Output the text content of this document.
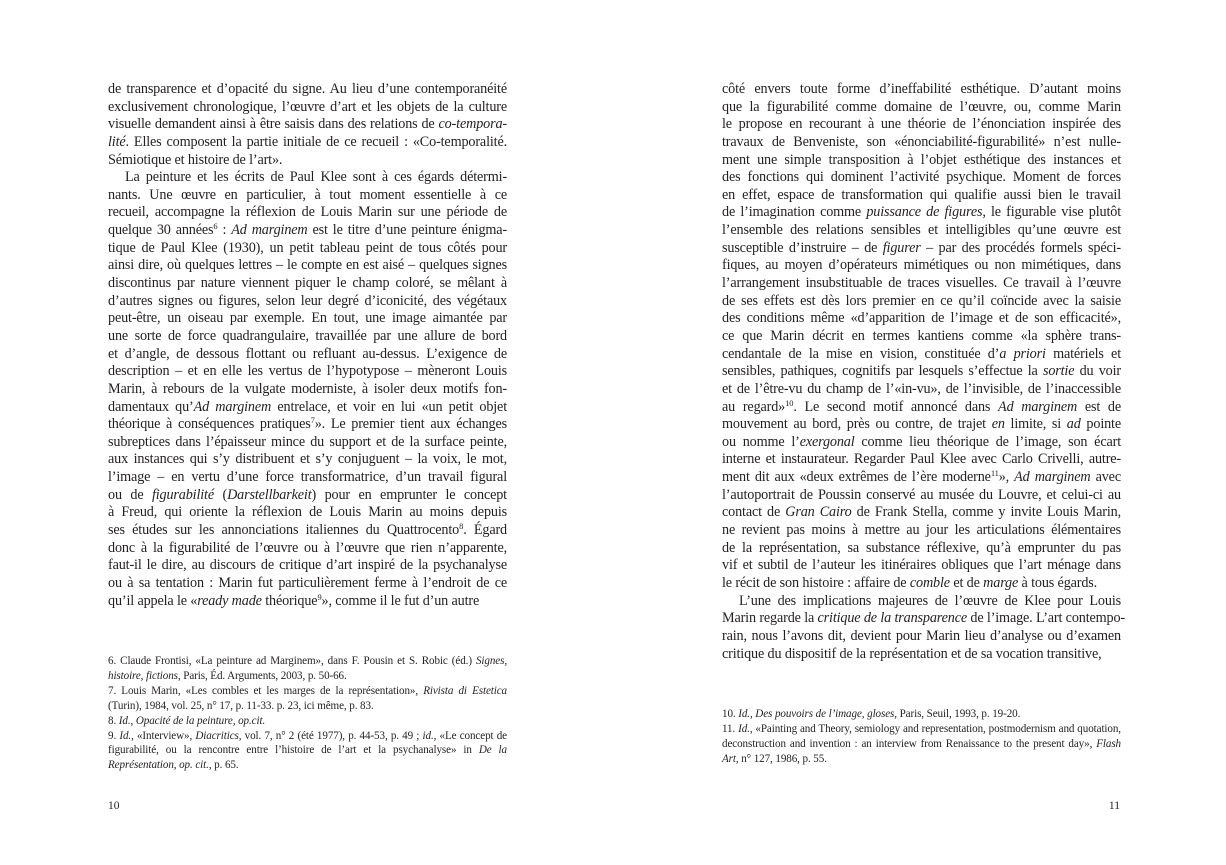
de transparence et d’opacité du signe. Au lieu d’une contemporanéité
exclusivement chronologique, l’œuvre d’art et les objets de la culture
visuelle demandent ainsi à être saisis dans des relations de co-tempora-
lité. Elles composent la partie initiale de ce recueil : «Co-temporalité.
Sémiotique et histoire de l’art».
La peinture et les écrits de Paul Klee sont à ces égards détermi-
nants. Une œuvre en particulier, à tout moment essentielle à ce
recueil, accompagne la réflexion de Louis Marin sur une période de
quelque 30 années$^6$ : Ad marginem est le titre d’une peinture énigma-
tique de Paul Klee (1930), un petit tableau peint de tous côtés pour
ainsi dire, où quelques lettres – le compte en est aisé – quelques signes
discontinus par nature viennent piquer le champ coloré, se mêlant à
d’autres signes ou figures, selon leur degré d’iconicité, des végétaux
peut-être, un oiseau par exemple. En tout, une image aimantée par
une sorte de force quadrangulaire, travaillée par une allure de bord
et d’angle, de dessous flottant ou refluant au-dessus. L’exigence de
description – et en elle les vertus de l’hypotypose – mèneront Louis
Marin, à rebours de la vulgate moderniste, à isoler deux motifs fon-
damentaux qu’Ad marginem entrelace, et voir en lui «un petit objet
théorique à conséquences pratiques$^7$». Le premier tient aux échanges
subreptices dans l’épaisseur mince du support et de la surface peinte,
aux instances qui s’y distribuent et s’y conjuguent – la voix, le mot,
l’image – en vertu d’une force transformatrice, d’un travail figural
ou de figurabilité (Darstellbarkeit) pour en emprunter le concept
à Freud, qui oriente la réflexion de Louis Marin au moins depuis
ses études sur les annonciations italiennes du Quattrocento$^8$. Égard
donc à la figurabilité de l’œuvre ou à l’œuvre que rien n’apparente,
faut-il le dire, au discours de critique d’art inspiré de la psychanalyse
ou à sa tentation : Marin fut particulièrement ferme à l’endroit de ce
qu’il appela le «ready made théorique$^9$», comme il le fut d’un autre
6. Claude Frontisi, «La peinture ad Marginem», dans F. Pousin et S. Robic (éd.) Signes, histoire, fictions, Paris, Éd. Arguments, 2003, p. 50-66.
7. Louis Marin, «Les combles et les marges de la représentation», Rivista di Estetica (Turin), 1984, vol. 25, n° 17, p. 11-33. p. 23, ici même, p. 83.
8. Id., Opacité de la peinture, op.cit.
9. Id., «Interview», Diacritics, vol. 7, n° 2 (été 1977), p. 44-53, p. 49 ; id., «Le concept de figurabilité, ou la rencontre entre l’histoire de l’art et la psychanalyse» in De la Représentation, op. cit., p. 65.
10
côté envers toute forme d’ineffabilité esthétique. D’autant moins
que la figurabilité comme domaine de l’œuvre, ou, comme Marin
le propose en recourant à une théorie de l’énonciation inspirée des
travaux de Benveniste, son «énonciabilité-figurabilité» n’est nulle-
ment une simple transposition à l’objet esthétique des instances et
des fonctions qui dominent l’activité psychique. Moment de forces
en effet, espace de transformation qui qualifie aussi bien le travail
de l’imagination comme puissance de figures, le figurable vise plutôt
l’ensemble des relations sensibles et intelligibles qu’une œuvre est
susceptible d’instruire – de figurer – par des procédés formels spéci-
fiques, au moyen d’opérateurs mimétiques ou non mimétiques, dans
l’arrangement insubstituable de traces visuelles. Ce travail à l’œuvre
de ses effets est dès lors premier en ce qu’il coïncide avec la saisie
des conditions même «d’apparition de l’image et de son efficacité»,
ce que Marin décrit en termes kantiens comme «la sphère trans-
cendantale de la mise en vision, constituée d’a priori matériels et
sensibles, pathiques, cognitifs par lesquels s’effectue la sortie du voir
et de l’être-vu du champ de l’«in-vu», de l’invisible, de l’inaccessible
au regard»$^{10}$. Le second motif annoncé dans Ad marginem est de
mouvement au bord, près ou contre, de trajet en limite, si ad pointe
ou nomme l’exergonal comme lieu théorique de l’image, son écart
interne et instaurateur. Regarder Paul Klee avec Carlo Crivelli, autre-
ment dit aux «deux extrêmes de l’ère moderne$^{11}$», Ad marginem avec
l’autoportrait de Poussin conservé au musée du Louvre, et celui-ci au
contact de Gran Cairo de Frank Stella, comme y invite Louis Marin,
ne revient pas moins à mettre au jour les articulations élémentaires
de la représentation, sa substance réflexive, qu’à emprunter du pas
vif et subtil de l’auteur les itinéraires obliques que l’art ménage dans
le récit de son histoire : affaire de comble et de marge à tous égards.
L’une des implications majeures de l’œuvre de Klee pour Louis
Marin regarde la critique de la transparence de l’image. L’art contempo-
rain, nous l’avons dit, devient pour Marin lieu d’analyse ou d’examen
critique du dispositif de la représentation et de sa vocation transitive,
10. Id., Des pouvoirs de l’image, gloses, Paris, Seuil, 1993, p. 19-20.
11. Id., «Painting and Theory, semiology and representation, postmodernism and quotation, deconstruction and invention : an interview from Renaissance to the present day», Flash Art, n° 127, 1986, p. 55.
11
